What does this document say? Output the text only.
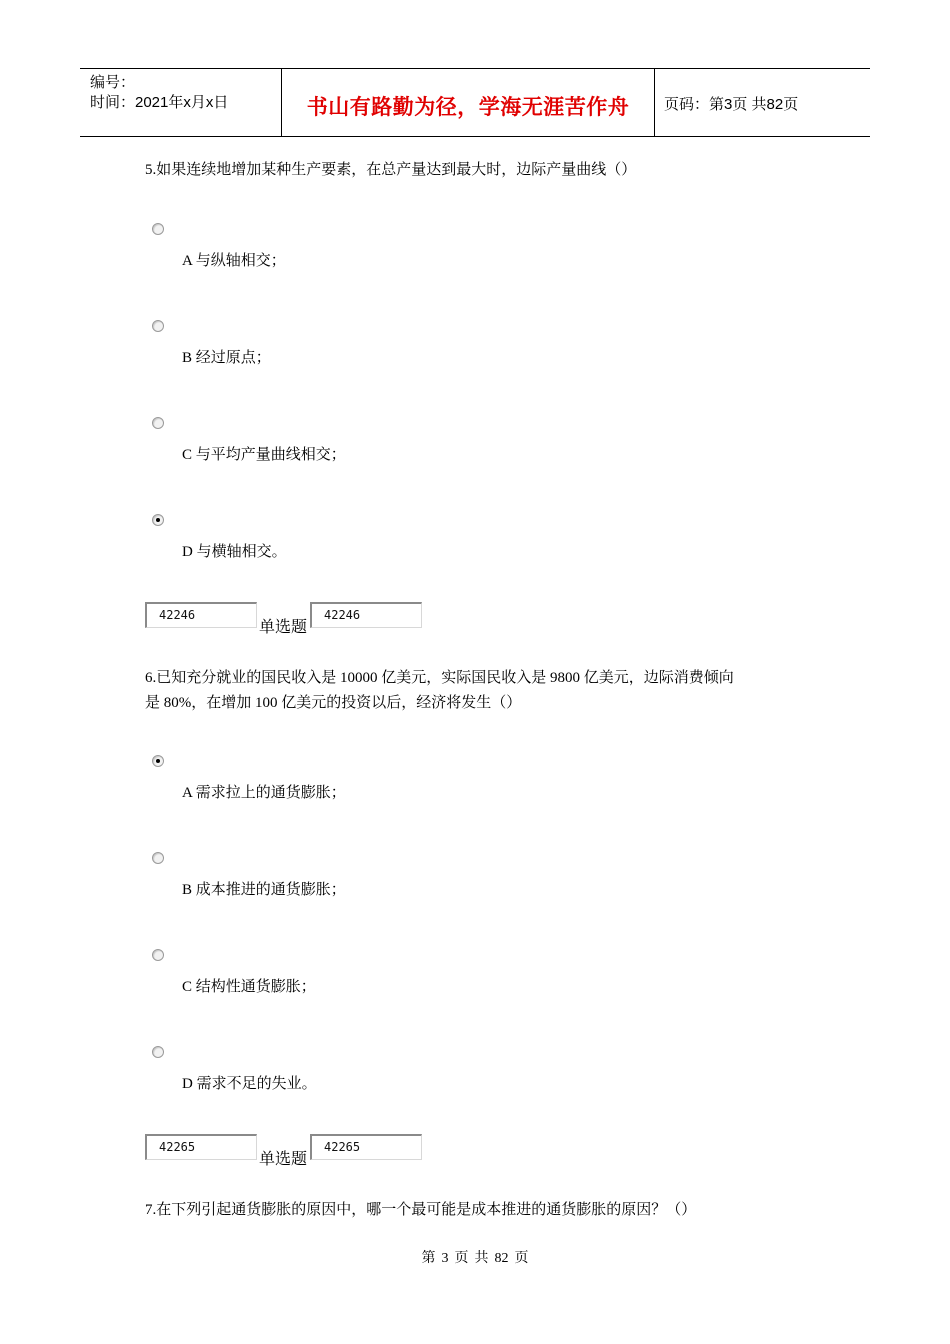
编号：
时间：2021年x月x日	书山有路勤为径，学海无涯苦作舟	页码：第3页 共82页
5.如果连续地增加某种生产要素，在总产量达到最大时，边际产量曲线（）
A 与纵轴相交；
B 经过原点；
C 与平均产量曲线相交；
D 与横轴相交。
42246
单选题
42246
6.已知充分就业的国民收入是 10000 亿美元，实际国民收入是 9800 亿美元，边际消费倾向
是 80%，在增加 100 亿美元的投资以后，经济将发生（）
A 需求拉上的通货膨胀；
B 成本推进的通货膨胀；
C 结构性通货膨胀；
D 需求不足的失业。
42265
单选题
42265
7.在下列引起通货膨胀的原因中，哪一个最可能是成本推进的通货膨胀的原因？（）
第 3 页 共 82 页
